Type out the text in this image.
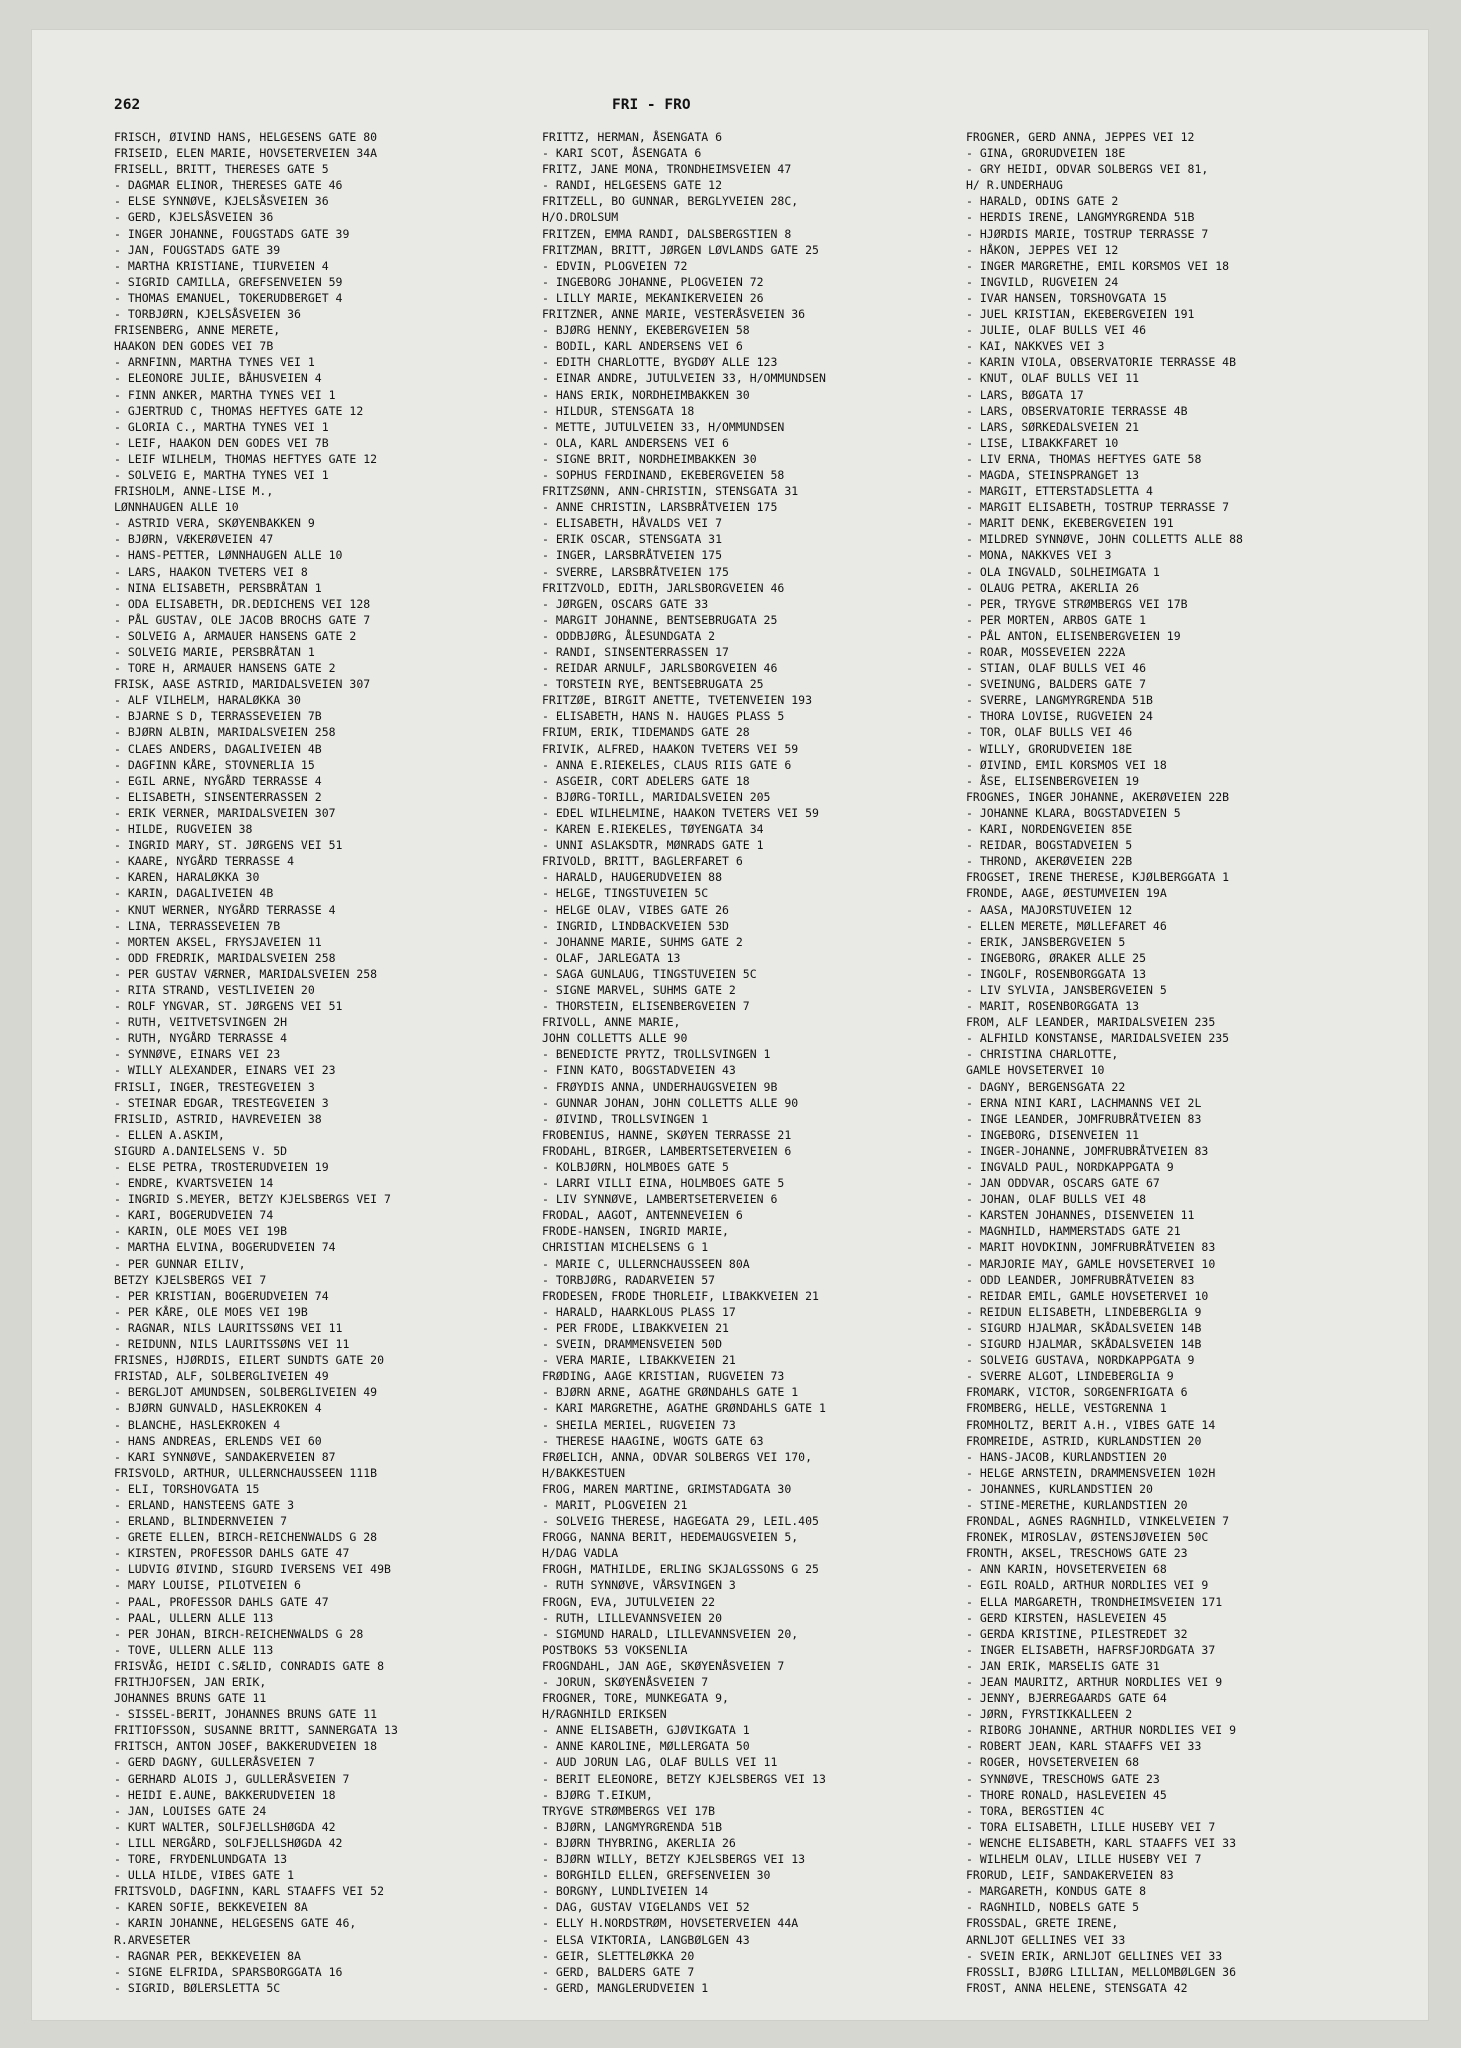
262	FRI - FRO
FRISCH, ØIVIND HANS, HELGESENS GATE 80
FRISEID, ELEN MARIE, HOVSETERVEIEN 34A
FRISELL, BRITT, THERESES GATE 5
- DAGMAR ELINOR, THERESES GATE 46
- ELSE SYNNØVE, KJELSÅSVEIEN 36
- GERD, KJELSÅSVEIEN 36
- INGER JOHANNE, FOUGSTADS GATE 39
- JAN, FOUGSTADS GATE 39
- MARTHA KRISTIANE, TIURVEIEN 4
- SIGRID CAMILLA, GREFSENVEIEN 59
- THOMAS EMANUEL, TOKERUDBERGET 4
- TORBJØRN, KJELSÅSVEIEN 36
FRISENBERG, ANNE MERETE,
HAAKON DEN GODES VEI 7B
- ARNFINN, MARTHA TYNES VEI 1
- ELEONORE JULIE, BÅHUSVEIEN 4
- FINN ANKER, MARTHA TYNES VEI 1
- GJERTRUD C, THOMAS HEFTYES GATE 12
- GLORIA C., MARTHA TYNES VEI 1
- LEIF, HAAKON DEN GODES VEI 7B
- LEIF WILHELM, THOMAS HEFTYES GATE 12
- SOLVEIG E, MARTHA TYNES VEI 1
FRISHOLM, ANNE-LISE M.,
LØNNHAUGEN ALLE 10
- ASTRID VERA, SKØYENBAKKEN 9
- BJØRN, VÆKERØVEIEN 47
- HANS-PETTER, LØNNHAUGEN ALLE 10
- LARS, HAAKON TVETERS VEI 8
- NINA ELISABETH, PERSBRÅTAN 1
- ODA ELISABETH, DR.DEDICHENS VEI 128
- PÅL GUSTAV, OLE JACOB BROCHS GATE 7
- SOLVEIG A, ARMAUER HANSENS GATE 2
- SOLVEIG MARIE, PERSBRÅTAN 1
- TORE H, ARMAUER HANSENS GATE 2
FRISK, AASE ASTRID, MARIDALSVEIEN 307
- ALF VILHELM, HARALØKKA 30
- BJARNE S D, TERRASSEVEIEN 7B
- BJØRN ALBIN, MARIDALSVEIEN 258
- CLAES ANDERS, DAGALIVEIEN 4B
- DAGFINN KÅRE, STOVNERLIA 15
- EGIL ARNE, NYGÅRD TERRASSE 4
- ELISABETH, SINSENTERRASSEN 2
- ERIK VERNER, MARIDALSVEIEN 307
- HILDE, RUGVEIEN 38
- INGRID MARY, ST. JØRGENS VEI 51
- KAARE, NYGÅRD TERRASSE 4
- KAREN, HARALØKKA 30
- KARIN, DAGALIVEIEN 4B
- KNUT WERNER, NYGÅRD TERRASSE 4
- LINA, TERRASSEVEIEN 7B
- MORTEN AKSEL, FRYSJAVEIEN 11
- ODD FREDRIK, MARIDALSVEIEN 258
- PER GUSTAV VÆRNER, MARIDALSVEIEN 258
- RITA STRAND, VESTLIVEIEN 20
- ROLF YNGVAR, ST. JØRGENS VEI 51
- RUTH, VEITVETSVINGEN 2H
- RUTH, NYGÅRD TERRASSE 4
- SYNNØVE, EINARS VEI 23
- WILLY ALEXANDER, EINARS VEI 23
FRISLI, INGER, TRESTEGVEIEN 3
- STEINAR EDGAR, TRESTEGVEIEN 3
FRISLID, ASTRID, HAVREVEIEN 38
- ELLEN A.ASKIM,
SIGURD A.DANIELSENS V. 5D
- ELSE PETRA, TROSTERUDVEIEN 19
- ENDRE, KVARTSVEIEN 14
- INGRID S.MEYER, BETZY KJELSBERGS VEI 7
- KARI, BOGERUDVEIEN 74
- KARIN, OLE MOES VEI 19B
- MARTHA ELVINA, BOGERUDVEIEN 74
- PER GUNNAR EILIV,
BETZY KJELSBERGS VEI 7
- PER KRISTIAN, BOGERUDVEIEN 74
- PER KÅRE, OLE MOES VEI 19B
- RAGNAR, NILS LAURITSSØNS VEI 11
- REIDUNN, NILS LAURITSSØNS VEI 11
FRISNES, HJØRDIS, EILERT SUNDTS GATE 20
FRISTAD, ALF, SOLBERGLIVEIEN 49
- BERGLJOT AMUNDSEN, SOLBERGLIVEIEN 49
- BJØRN GUNVALD, HASLEKROKEN 4
- BLANCHE, HASLEKROKEN 4
- HANS ANDREAS, ERLENDS VEI 60
- KARI SYNNØVE, SANDAKERVEIEN 87
FRISVOLD, ARTHUR, ULLERNCHAUSSEEN 111B
- ELI, TORSHOVGATA 15
- ERLAND, HANSTEENS GATE 3
- ERLAND, BLINDERNVEIEN 7
- GRETE ELLEN, BIRCH-REICHENWALDS G 28
- KIRSTEN, PROFESSOR DAHLS GATE 47
- LUDVIG ØIVIND, SIGURD IVERSENS VEI 49B
- MARY LOUISE, PILOTVEIEN 6
- PAAL, PROFESSOR DAHLS GATE 47
- PAAL, ULLERN ALLE 113
- PER JOHAN, BIRCH-REICHENWALDS G 28
- TOVE, ULLERN ALLE 113
FRISVÅG, HEIDI C.SÆLID, CONRADIS GATE 8
FRITHJOFSEN, JAN ERIK,
JOHANNES BRUNS GATE 11
- SISSEL-BERIT, JOHANNES BRUNS GATE 11
FRITIOFSSON, SUSANNE BRITT, SANNERGATA 13
FRITSCH, ANTON JOSEF, BAKKERUDVEIEN 18
- GERD DAGNY, GULLERÅSVEIEN 7
- GERHARD ALOIS J, GULLERÅSVEIEN 7
- HEIDI E.AUNE, BAKKERUDVEIEN 18
- JAN, LOUISES GATE 24
- KURT WALTER, SOLFJELLSHØGDA 42
- LILL NERGÅRD, SOLFJELLSHØGDA 42
- TORE, FRYDENLUNDGATA 13
- ULLA HILDE, VIBES GATE 1
FRITSVOLD, DAGFINN, KARL STAAFFS VEI 52
- KAREN SOFIE, BEKKEVEIEN 8A
- KARIN JOHANNE, HELGESENS GATE 46,
R.ARVESETER
- RAGNAR PER, BEKKEVEIEN 8A
- SIGNE ELFRIDA, SPARSBORGGATA 16
- SIGRID, BØLERSLETTA 5C
FRITTZ, HERMAN, ÅSENGATA 6
- KARI SCOT, ÅSENGATA 6
FRITZ, JANE MONA, TRONDHEIMSVEIEN 47
- RANDI, HELGESENS GATE 12
FRITZELL, BO GUNNAR, BERGLYVEIEN 28C,
H/O.DROLSUM
FRITZEN, EMMA RANDI, DALSBERGSTIEN 8
FRITZMAN, BRITT, JØRGEN LØVLANDS GATE 25
- EDVIN, PLOGVEIEN 72
- INGEBORG JOHANNE, PLOGVEIEN 72
- LILLY MARIE, MEKANIKERVEIEN 26
FRITZNER, ANNE MARIE, VESTERÅSVEIEN 36
- BJØRG HENNY, EKEBERGVEIEN 58
- BODIL, KARL ANDERSENS VEI 6
- EDITH CHARLOTTE, BYGDØY ALLE 123
- EINAR ANDRE, JUTULVEIEN 33, H/OMMUNDSEN
- HANS ERIK, NORDHEIMBAKKEN 30
- HILDUR, STENSGATA 18
- METTE, JUTULVEIEN 33, H/OMMUNDSEN
- OLA, KARL ANDERSENS VEI 6
- SIGNE BRIT, NORDHEIMBAKKEN 30
- SOPHUS FERDINAND, EKEBERGVEIEN 58
FRITZSØNN, ANN-CHRISTIN, STENSGATA 31
- ANNE CHRISTIN, LARSBRÅTVEIEN 175
- ELISABETH, HÅVALDS VEI 7
- ERIK OSCAR, STENSGATA 31
- INGER, LARSBRÅTVEIEN 175
- SVERRE, LARSBRÅTVEIEN 175
FRITZVOLD, EDITH, JARLSBORGVEIEN 46
- JØRGEN, OSCARS GATE 33
- MARGIT JOHANNE, BENTSEBRUGATA 25
- ODDBJØRG, ÅLESUNDGATA 2
- RANDI, SINSENTERRASSEN 17
- REIDAR ARNULF, JARLSBORGVEIEN 46
- TORSTEIN RYE, BENTSEBRUGATA 25
FRITZØE, BIRGIT ANETTE, TVETENVEIEN 193
- ELISABETH, HANS N. HAUGES PLASS 5
FRIUM, ERIK, TIDEMANDS GATE 28
FRIVIK, ALFRED, HAAKON TVETERS VEI 59
- ANNA E.RIEKELES, CLAUS RIIS GATE 6
- ASGEIR, CORT ADELERS GATE 18
- BJØRG-TORILL, MARIDALSVEIEN 205
- EDEL WILHELMINE, HAAKON TVETERS VEI 59
- KAREN E.RIEKELES, TØYENGATA 34
- UNNI ASLAKSDTR, MØNRADS GATE 1
FRIVOLD, BRITT, BAGLERFARET 6
- HARALD, HAUGERUDVEIEN 88
- HELGE, TINGSTUVEIEN 5C
- HELGE OLAV, VIBES GATE 26
- INGRID, LINDBACKVEIEN 53D
- JOHANNE MARIE, SUHMS GATE 2
- OLAF, JARLEGATA 13
- SAGA GUNLAUG, TINGSTUVEIEN 5C
- SIGNE MARVEL, SUHMS GATE 2
- THORSTEIN, ELISENBERGVEIEN 7
FRIVOLL, ANNE MARIE,
JOHN COLLETTS ALLE 90
- BENEDICTE PRYTZ, TROLLSVINGEN 1
- FINN KATO, BOGSTADVEIEN 43
- FRØYDIS ANNA, UNDERHAUGSVEIEN 9B
- GUNNAR JOHAN, JOHN COLLETTS ALLE 90
- ØIVIND, TROLLSVINGEN 1
FROBENIUS, HANNE, SKØYEN TERRASSE 21
FRODAHL, BIRGER, LAMBERTSETERVEIEN 6
- KOLBJØRN, HOLMBOES GATE 5
- LARRI VILLI EINA, HOLMBOES GATE 5
- LIV SYNNØVE, LAMBERTSETERVEIEN 6
FRODAL, AAGOT, ANTENNEVEIEN 6
FRODE-HANSEN, INGRID MARIE,
CHRISTIAN MICHELSENS G 1
- MARIE C, ULLERNCHAUSSEEN 80A
- TORBJØRG, RADARVEIEN 57
FRODESEN, FRODE THORLEIF, LIBAKKVEIEN 21
- HARALD, HAARKLOUS PLASS 17
- PER FRODE, LIBAKKVEIEN 21
- SVEIN, DRAMMENSVEIEN 50D
- VERA MARIE, LIBAKKVEIEN 21
FRØDING, AAGE KRISTIAN, RUGVEIEN 73
- BJØRN ARNE, AGATHE GRØNDAHLS GATE 1
- KARI MARGRETHE, AGATHE GRØNDAHLS GATE 1
- SHEILA MERIEL, RUGVEIEN 73
- THERESE HAAGINE, WOGTS GATE 63
FRØELICH, ANNA, ODVAR SOLBERGS VEI 170,
H/BAKKESTUEN
FROG, MAREN MARTINE, GRIMSTADGATA 30
- MARIT, PLOGVEIEN 21
- SOLVEIG THERESE, HAGEGATA 29, LEIL.405
FROGG, NANNA BERIT, HEDEMAUGSVEIEN 5,
H/DAG VADLA
FROGH, MATHILDE, ERLING SKJALGSSONS G 25
- RUTH SYNNØVE, VÅRSVINGEN 3
FROGN, EVA, JUTULVEIEN 22
- RUTH, LILLEVANNSVEIEN 20
- SIGMUND HARALD, LILLEVANNSVEIEN 20,
POSTBOKS 53 VOKSENLIA
FROGNDAHL, JAN AGE, SKØYENÅSVEIEN 7
- JORUN, SKØYENÅSVEIEN 7
FROGNER, TORE, MUNKEGATA 9,
H/RAGNHILD ERIKSEN
- ANNE ELISABETH, GJØVIKGATA 1
- ANNE KAROLINE, MØLLERGATA 50
- AUD JORUN LAG, OLAF BULLS VEI 11
- BERIT ELEONORE, BETZY KJELSBERGS VEI 13
- BJØRG T.EIKUM,
TRYGVE STRØMBERGS VEI 17B
- BJØRN, LANGMYRGRENDA 51B
- BJØRN THYBRING, AKERLIA 26
- BJØRN WILLY, BETZY KJELSBERGS VEI 13
- BORGHILD ELLEN, GREFSENVEIEN 30
- BORGNY, LUNDLIVEIEN 14
- DAG, GUSTAV VIGELANDS VEI 52
- ELLY H.NORDSTRØM, HOVSETERVEIEN 44A
- ELSA VIKTORIA, LANGBØLGEN 43
- GEIR, SLETTELØKKA 20
- GERD, BALDERS GATE 7
- GERD, MANGLERUDVEIEN 1
FROGNER, GERD ANNA, JEPPES VEI 12
- GINA, GRORUDVEIEN 18E
- GRY HEIDI, ODVAR SOLBERGS VEI 81,
H/ R.UNDERHAUG
- HARALD, ODINS GATE 2
- HERDIS IRENE, LANGMYRGRENDA 51B
- HJØRDIS MARIE, TOSTRUP TERRASSE 7
- HÅKON, JEPPES VEI 12
- INGER MARGRETHE, EMIL KORSMOS VEI 18
- INGVILD, RUGVEIEN 24
- IVAR HANSEN, TORSHOVGATA 15
- JUEL KRISTIAN, EKEBERGVEIEN 191
- JULIE, OLAF BULLS VEI 46
- KAI, NAKKVES VEI 3
- KARIN VIOLA, OBSERVATORIE TERRASSE 4B
- KNUT, OLAF BULLS VEI 11
- LARS, BØGATA 17
- LARS, OBSERVATORIE TERRASSE 4B
- LARS, SØRKEDALSVEIEN 21
- LISE, LIBAKKFARET 10
- LIV ERNA, THOMAS HEFTYES GATE 58
- MAGDA, STEINSPRANGET 13
- MARGIT, ETTERSTADSLETTA 4
- MARGIT ELISABETH, TOSTRUP TERRASSE 7
- MARIT DENK, EKEBERGVEIEN 191
- MILDRED SYNNØVE, JOHN COLLETTS ALLE 88
- MONA, NAKKVES VEI 3
- OLA INGVALD, SOLHEIMGATA 1
- OLAUG PETRA, AKERLIA 26
- PER, TRYGVE STRØMBERGS VEI 17B
- PER MORTEN, ARBOS GATE 1
- PÅL ANTON, ELISENBERGVEIEN 19
- ROAR, MOSSEVEIEN 222A
- STIAN, OLAF BULLS VEI 46
- SVEINUNG, BALDERS GATE 7
- SVERRE, LANGMYRGRENDA 51B
- THORA LOVISE, RUGVEIEN 24
- TOR, OLAF BULLS VEI 46
- WILLY, GRORUDVEIEN 18E
- ØIVIND, EMIL KORSMOS VEI 18
- ÅSE, ELISENBERGVEIEN 19
FROGNES, INGER JOHANNE, AKERØVEIEN 22B
- JOHANNE KLARA, BOGSTADVEIEN 5
- KARI, NORDENGVEIEN 85E
- REIDAR, BOGSTADVEIEN 5
- THROND, AKERØVEIEN 22B
FROGSET, IRENE THERESE, KJØLBERGGATA 1
FRONDE, AAGE, ØESTUMVEIEN 19A
- AASA, MAJORSTUVEIEN 12
- ELLEN MERETE, MØLLEFARET 46
- ERIK, JANSBERGVEIEN 5
- INGEBORG, ØRAKER ALLE 25
- INGOLF, ROSENBORGGATA 13
- LIV SYLVIA, JANSBERGVEIEN 5
- MARIT, ROSENBORGGATA 13
FROM, ALF LEANDER, MARIDALSVEIEN 235
- ALFHILD KONSTANSE, MARIDALSVEIEN 235
- CHRISTINA CHARLOTTE,
GAMLE HOVSETERVEI 10
- DAGNY, BERGENSGATA 22
- ERNA NINI KARI, LACHMANNS VEI 2L
- INGE LEANDER, JOMFRUBRÅTVEIEN 83
- INGEBORG, DISENVEIEN 11
- INGER-JOHANNE, JOMFRUBRÅTVEIEN 83
- INGVALD PAUL, NORDKAPPGATA 9
- JAN ODDVAR, OSCARS GATE 67
- JOHAN, OLAF BULLS VEI 48
- KARSTEN JOHANNES, DISENVEIEN 11
- MAGNHILD, HAMMERSTADS GATE 21
- MARIT HOVDKINN, JOMFRUBRÅTVEIEN 83
- MARJORIE MAY, GAMLE HOVSETERVEI 10
- ODD LEANDER, JOMFRUBRÅTVEIEN 83
- REIDAR EMIL, GAMLE HOVSETERVEI 10
- REIDUN ELISABETH, LINDEBERGLIA 9
- SIGURD HJALMAR, SKÅDALSVEIEN 14B
- SIGURD HJALMAR, SKÅDALSVEIEN 14B
- SOLVEIG GUSTAVA, NORDKAPPGATA 9
- SVERRE ALGOT, LINDEBERGLIA 9
FROMARK, VICTOR, SORGENFRIGATA 6
FROMBERG, HELLE, VESTGRENNA 1
FROMHOLTZ, BERIT A.H., VIBES GATE 14
FROMREIDE, ASTRID, KURLANDSTIEN 20
- HANS-JACOB, KURLANDSTIEN 20
- HELGE ARNSTEIN, DRAMMENSVEIEN 102H
- JOHANNES, KURLANDSTIEN 20
- STINE-MERETHE, KURLANDSTIEN 20
FRONDAL, AGNES RAGNHILD, VINKELVEIEN 7
FRONEK, MIROSLAV, ØSTENSJØVEIEN 50C
FRONTH, AKSEL, TRESCHOWS GATE 23
- ANN KARIN, HOVSETERVEIEN 68
- EGIL ROALD, ARTHUR NORDLIES VEI 9
- ELLA MARGARETH, TRONDHEIMSVEIEN 171
- GERD KIRSTEN, HASLEVEIEN 45
- GERDA KRISTINE, PILESTREDET 32
- INGER ELISABETH, HAFRSFJORDGATA 37
- JAN ERIK, MARSELIS GATE 31
- JEAN MAURITZ, ARTHUR NORDLIES VEI 9
- JENNY, BJERREGAARDS GATE 64
- JØRN, FYRSTIKKALLEEN 2
- RIBORG JOHANNE, ARTHUR NORDLIES VEI 9
- ROBERT JEAN, KARL STAAFFS VEI 33
- ROGER, HOVSETERVEIEN 68
- SYNNØVE, TRESCHOWS GATE 23
- THORE RONALD, HASLEVEIEN 45
- TORA, BERGSTIEN 4C
- TORA ELISABETH, LILLE HUSEBY VEI 7
- WENCHE ELISABETH, KARL STAAFFS VEI 33
- WILHELM OLAV, LILLE HUSEBY VEI 7
FRORUD, LEIF, SANDAKERVEIEN 83
- MARGARETH, KONDUS GATE 8
- RAGNHILD, NOBELS GATE 5
FROSSDAL, GRETE IRENE,
ARNLJOT GELLINES VEI 33
- SVEIN ERIK, ARNLJOT GELLINES VEI 33
FROSSLI, BJØRG LILLIAN, MELLOMBØLGEN 36
FROST, ANNA HELENE, STENSGATA 42
